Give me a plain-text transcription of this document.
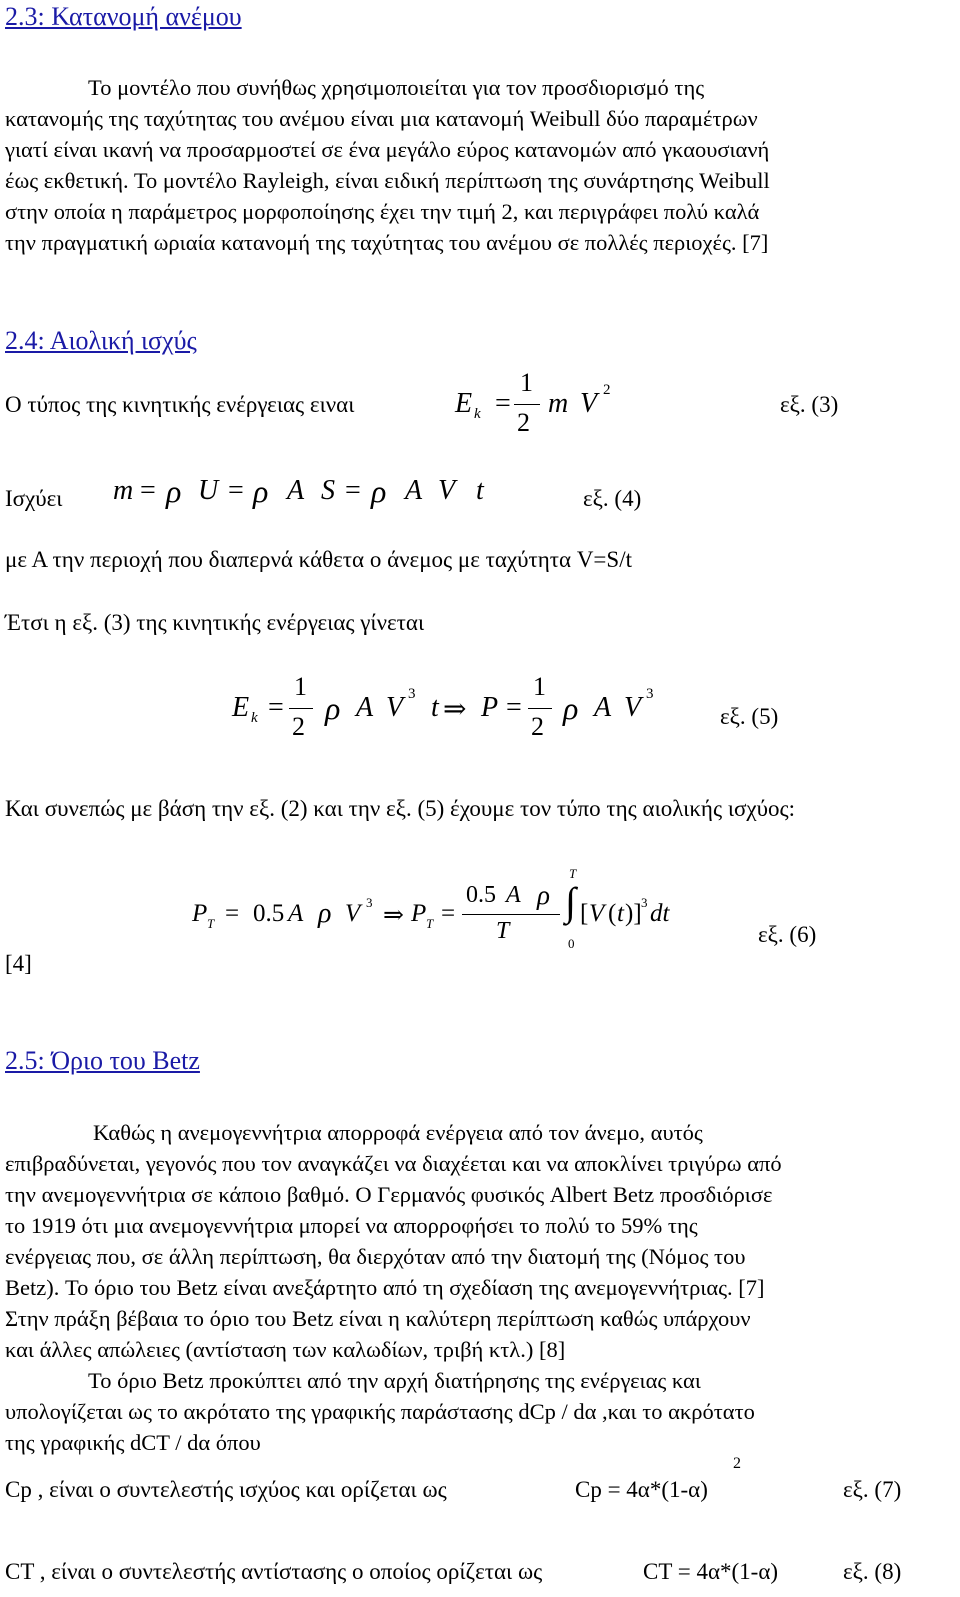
2.3: Κατανομή ανέμου
Το μοντέλο που συνήθως χρησιμοποιείται για τον προσδιορισμό της
κατανομής της ταχύτητας του ανέμου είναι μια κατανομή Weibull δύο παραμέτρων
γιατί είναι ικανή να προσαρμοστεί σε ένα μεγάλο εύρος κατανομών από γκαουσιανή
έως εκθετική. Το μοντέλο Rayleigh, είναι ειδική περίπτωση της συνάρτησης Weibull
στην οποία η παράμετρος μορφοποίησης έχει την τιμή 2, και περιγράφει πολύ καλά
την πραγματική ωριαία κατανομή της ταχύτητας του ανέμου σε πολλές περιοχές. [7]
2.4: Αιολική ισχύς
Ο τύπος της κινητικής ενέργειας ειναι	E k =
1
2
m V 2
εξ. (3)
Ισχύει m = ρ U = ρ A S = ρ A V t	εξ. (4)
με Α την περιοχή που διαπερνά κάθετα ο άνεμος με ταχύτητα V=S/t
Έτσι η εξ. (3) της κινητικής ενέργειας γίνεται
E k =
1
2
ρ A V 3 t ⇒ P =
1
2
ρ A V 3
εξ. (5)
Και συνεπώς με βάση την εξ. (2) και την εξ. (5) έχουμε τον τύπο της αιολικής ισχύος:
[4]
P T = 0.5 A ρ V 3 ⇒ P T =
0.5 A ρ
T
T
∫
0
[ V ( t )] 3 dt
εξ. (6)
2.5: Όριο του Betz
Καθώς η ανεμογεννήτρια απορροφά ενέργεια από τον άνεμο, αυτός
επιβραδύνεται, γεγονός που τον αναγκάζει να διαχέεται και να αποκλίνει τριγύρω από
την ανεμογεννήτρια σε κάποιο βαθμό. Ο Γερμανός φυσικός Albert Betz προσδιόρισε
το 1919 ότι μια ανεμογεννήτρια μπορεί να απορροφήσει το πολύ το 59% της
ενέργειας που, σε άλλη περίπτωση, θα διερχόταν από την διατομή της (Νόμος του
Betz). Το όριο του Betz είναι ανεξάρτητο από τη σχεδίαση της ανεμογεννήτριας. [7]
Στην πράξη βέβαια το όριο του Betz είναι η καλύτερη περίπτωση καθώς υπάρχουν
και άλλες απώλειες (αντίσταση των καλωδίων, τριβή κτλ.) [8]
Το όριο Betz προκύπτει από την αρχή διατήρησης της ενέργειας και
υπολογίζεται ως το ακρότατο της γραφικής παράστασης dCp / dα ,και το ακρότατο
της γραφικής dCT / dα όπου
Cp , είναι ο συντελεστής ισχύος και ορίζεται ως	Cp = 4α*(1-α)
2
εξ. (7)
CT , είναι ο συντελεστής αντίστασης ο οποίος ορίζεται ως	CT = 4α*(1-α)	εξ. (8)
